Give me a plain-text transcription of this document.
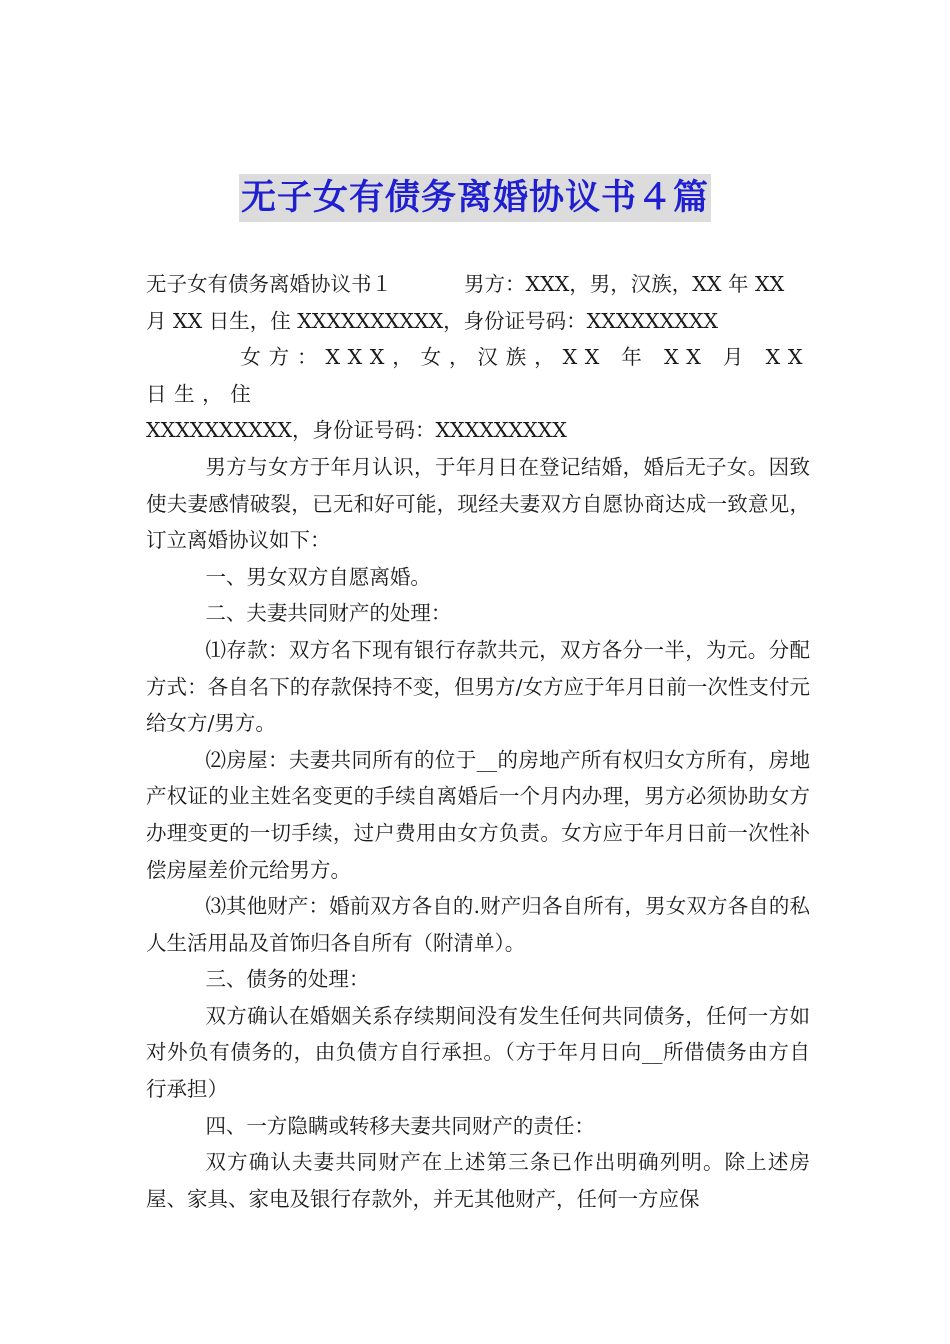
无子女有债务离婚协议书４篇

无子女有债务离婚协议书１	男方：XXX，男，汉族，XX 年 XX

月 XX 日生，住 XXXXXXXXXX，身份证号码：XXXXXXXXX

女方：XXX，女，汉族，XX 年 XX 月 XX 日生，住

XXXXXXXXXX，身份证号码：XXXXXXXXX

男方与女方于年月认识，于年月日在登记结婚，婚后无子女。因致使夫妻感情破裂，已无和好可能，现经夫妻双方自愿协商达成一致意见，订立离婚协议如下：

一、男女双方自愿离婚。

二、夫妻共同财产的处理：

⑴存款：双方名下现有银行存款共元，双方各分一半，为元。分配方式：各自名下的存款保持不变，但男方/女方应于年月日前一次性支付元给女方/男方。

⑵房屋：夫妻共同所有的位于__的房地产所有权归女方所有，房地产权证的业主姓名变更的手续自离婚后一个月内办理，男方必须协助女方办理变更的一切手续，过户费用由女方负责。女方应于年月日前一次性补偿房屋差价元给男方。

⑶其他财产：婚前双方各自的.财产归各自所有，男女双方各自的私人生活用品及首饰归各自所有（附清单）。

三、债务的处理：

双方确认在婚姻关系存续期间没有发生任何共同债务，任何一方如对外负有债务的，由负债方自行承担。（方于年月日向__所借债务由方自行承担）

四、一方隐瞒或转移夫妻共同财产的责任：

双方确认夫妻共同财产在上述第三条已作出明确列明。除上述房屋、家具、家电及银行存款外，并无其他财产，任何一方应保
